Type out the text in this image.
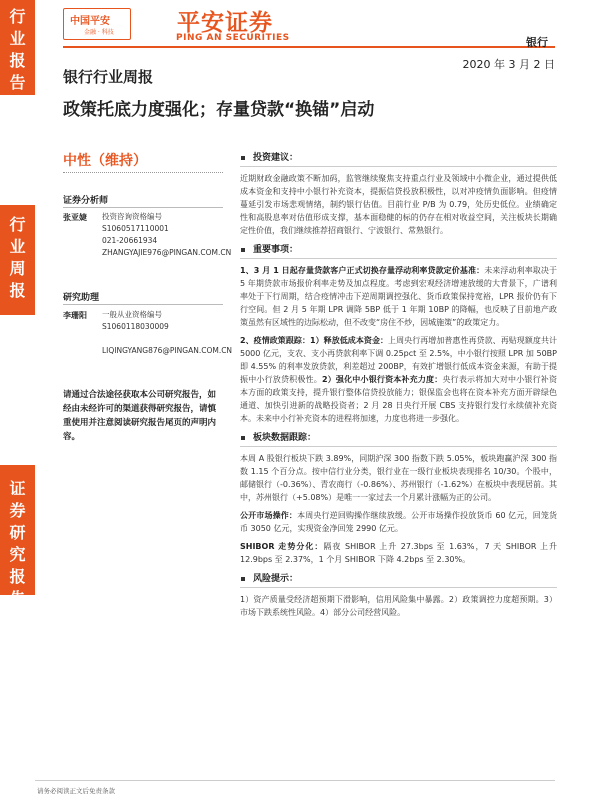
行
业
报
告
行
业
周
报
证
券
研
究
报
告
中国平安
金融 · 科技	平安证券
PING AN SECURITIES	银行
2020 年 3 月 2 日
银行行业周报
政策托底力度强化；存量贷款“换锚”启动
中性（维持）
证券分析师
张亚婕 投资咨询资格编号
S1060517110001
021-20661934
ZHANGYAJIE976@PINGAN.COM.CN
研究助理
李珊阳 一般从业资格编号
S1060118030009
LIQINGYANG876@PINGAN.COM.CN
请通过合法途径获取本公司研究报告，如经由未经许可的渠道获得研究报告，请慎重使用并注意阅读研究报告尾页的声明内容。
投资建议：

近期财政金融政策不断加码，监管继续聚焦支持重点行业及领域中小微企业，通过提供低成本资金和支持中小银行补充资本，提振信贷投放积极性，以对冲疫情负面影响。但疫情蔓延引发市场悲观情绪，制约银行估值。目前行业 P/B 为 0.79，处历史低位。业绩确定性和高股息率对估值形成支撑，基本面稳健的标的仍存在相对收益空间，关注板块长期确定性价值，我们继续推荐招商银行、宁波银行、常熟银行。

重要事项：

1、3 月 1 日起存量贷款客户正式切换存量浮动利率贷款定价基准：未来浮动利率取决于 5 年期贷款市场报价利率走势及加点程度。考虑到宏观经济增速放缓的大背景下，广谱利率处于下行周期，结合疫情冲击下逆周期调控强化、货币政策保持宽裕，LPR 报价仍有下行空间。但 2 月 5 年期 LPR 调降 5BP 低于 1 年期 10BP 的降幅，也反映了目前地产政策虽然有区域性的边际松动，但不改变“房住不炒，因城施策”的政策定力。

2、疫情政策跟踪：1）释放低成本资金：上周央行再增加普惠性再贷款、再贴现额度共计 5000 亿元，支农、支小再贷款利率下调 0.25pct 至 2.5%，中小银行按照 LPR 加 50BP 即 4.55% 的利率发放贷款，利差超过 200BP，有效扩增银行低成本资金来源，有助于提振中小行放贷积极性。2）强化中小银行资本补充力度：央行表示将加大对中小银行补资本方面的政策支持，提升银行整体信贷投放能力；银保监会也将在资本补充方面开辟绿色通道、加快引进新的战略投资者；2 月 28 日央行开展 CBS 支持银行发行永续债补充资本。未来中小行补充资本的进程将加速，力度也将进一步强化。

板块数据跟踪：

本周 A 股银行板块下跌 3.89%，同期沪深 300 指数下跌 5.05%，板块跑赢沪深 300 指数 1.15 个百分点。按中信行业分类，银行业在一级行业板块表现排名 10/30。个股中，邮储银行（-0.36%）、青农商行（-0.86%）、苏州银行（-1.62%）在板块中表现居前。其中，苏州银行（+5.08%）是唯一一家过去一个月累计涨幅为正的公司。

公开市场操作：本周央行逆回购操作继续放缓。公开市场操作投放货币 60 亿元，回笼货币 3050 亿元，实现资金净回笼 2990 亿元。

SHIBOR 走势分化：隔夜 SHIBOR 上升 27.3bps 至 1.63%，7 天 SHIBOR 上升 12.9bps 至 2.37%，1 个月 SHIBOR 下降 4.2bps 至 2.30%。

风险提示：

1）资产质量受经济超预期下滑影响，信用风险集中暴露。2）政策调控力度超预期。3）市场下跌系统性风险。4）部分公司经营风险。

请务必阅读正文后免责条款
